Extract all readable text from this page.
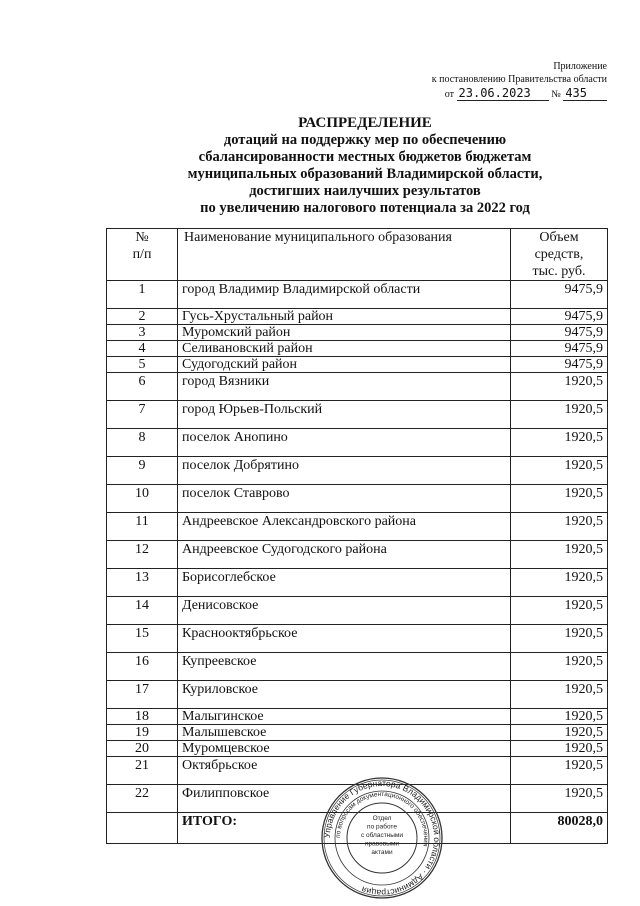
Приложение
к постановлению Правительства области
от 23.06.2023 № 435
РАСПРЕДЕЛЕНИЕ
дотаций на поддержку мер по обеспечению
сбалансированности местных бюджетов бюджетам
муниципальных образований Владимирской области,
достигших наилучших результатов
по увеличению налогового потенциала за 2022 год
№
п/п	Наименование муниципального образования	Объем средств,
тыс. руб.
1	город Владимир Владимирской области	9475,9
2	Гусь-Хрустальный район	9475,9
3	Муромский район	9475,9
4	Селивановский район	9475,9
5	Судогодский район	9475,9
6	город Вязники	1920,5
7	город Юрьев-Польский	1920,5
8	поселок Анопино	1920,5
9	поселок Добрятино	1920,5
10	поселок Ставрово	1920,5
11	Андреевское Александровского района	1920,5
12	Андреевское Судогодского района	1920,5
13	Борисоглебское	1920,5
14	Денисовское	1920,5
15	Краснооктябрьское	1920,5
16	Купреевское	1920,5
17	Куриловское	1920,5
18	Малыгинское	1920,5
19	Малышевское	1920,5
20	Муромцевское	1920,5
21	Октябрьское	1920,5
22	Филипповское	1920,5
	ИТОГО:	80028,0
Управление Губернатора Владимирской области · Администрация
по вопросам документационного обеспечения
Отдел
по работе
с областными
правовыми
актами
